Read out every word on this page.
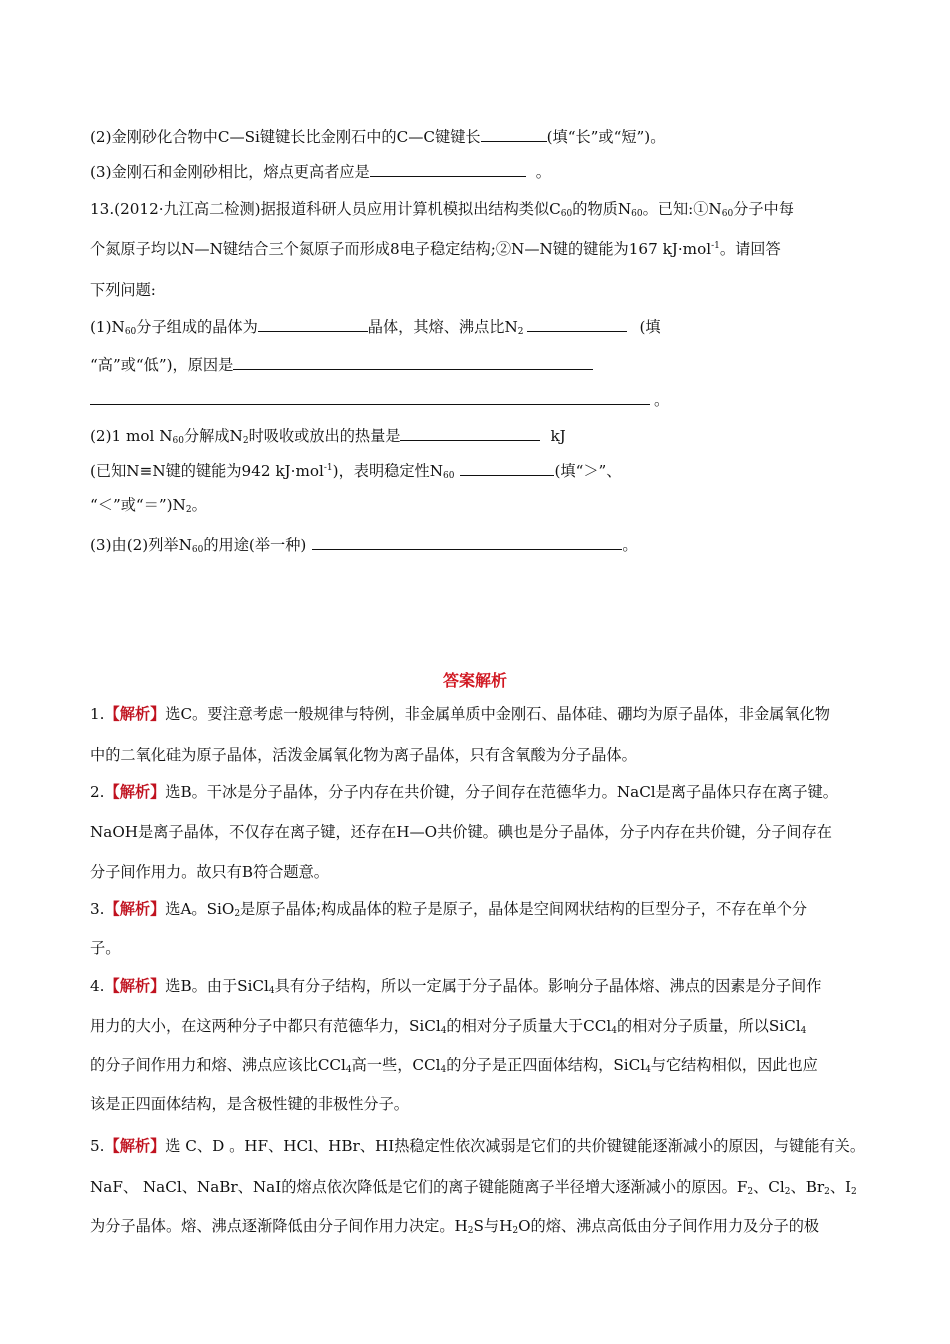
(2)金刚砂化合物中C—Si键键长比金刚石中的C—C键键长	(填“长”或“短”)。
(3)金刚石和金刚砂相比，熔点更高者应是	。
13.(2012·九江高二检测)据报道科研人员应用计算机模拟出结构类似$C_{60}$的物质$N_{60}$。已知$:①N_{60}$分子中每
个氮原子均以N—N键结合三个氮原子而形成8电子稳定结构;②N—N键的键能为167 kJ·mol$^{-1}$。请回答
下列问题:
$(1)N_{60}$分子组成的晶体为	晶体，其熔、沸点比$N_2$	(填
“高”或“低”)，原因是
。
(2)1 mol $N_{60}$分解成$N_2$时吸收或放出的热量是	kJ
(已知N≡N键的键能为942 kJ·mol$^{-1}$)，表明稳定性$N_{60}$	(填“＞”、
“＜”或“$=”)N_2$。
(3)由(2)列举$N_{60}$的用途(举一种)	。
答案解析
1.【解析】选C。要注意考虑一般规律与特例，非金属单质中金刚石、晶体硅、硼均为原子晶体，非金属氧化物
中的二氧化硅为原子晶体，活泼金属氧化物为离子晶体，只有含氧酸为分子晶体。
2.【解析】选B。干冰是分子晶体，分子内存在共价键，分子间存在范德华力。NaCl是离子晶体只存在离子键。
NaOH是离子晶体，不仅存在离子键，还存在H—O共价键。碘也是分子晶体，分子内存在共价键，分子间存在
分子间作用力。故只有B符合题意。
3.【解析】选A。SiO$_2$是原子晶体;构成晶体的粒子是原子，晶体是空间网状结构的巨型分子，不存在单个分
子。
4.【解析】选B。由于SiCl$_4$具有分子结构，所以一定属于分子晶体。影响分子晶体熔、沸点的因素是分子间作
用力的大小，在这两种分子中都只有范德华力，SiCl$_4$的相对分子质量大于CCl$_4$的相对分子质量，所以SiCl$_4$
的分子间作用力和熔、沸点应该比CCl$_4$高一些，CCl$_4$的分子是正四面体结构，SiCl$_4$与它结构相似，因此也应
该是正四面体结构，是含极性键的非极性分子。
5.【解析】选 C、D 。HF、HCl、HBr、HI热稳定性依次减弱是它们的共价键键能逐渐减小的原因，与键能有关。
NaF、 NaCl、NaBr、NaI的熔点依次降低是它们的离子键能随离子半径增大逐渐减小的原因。$F_2$、$Cl_2$、$Br_2$、$I_2$
为分子晶体。熔、沸点逐渐降低由分子间作用力决定。$H_2S$与$H_2O$的熔、沸点高低由分子间作用力及分子的极
